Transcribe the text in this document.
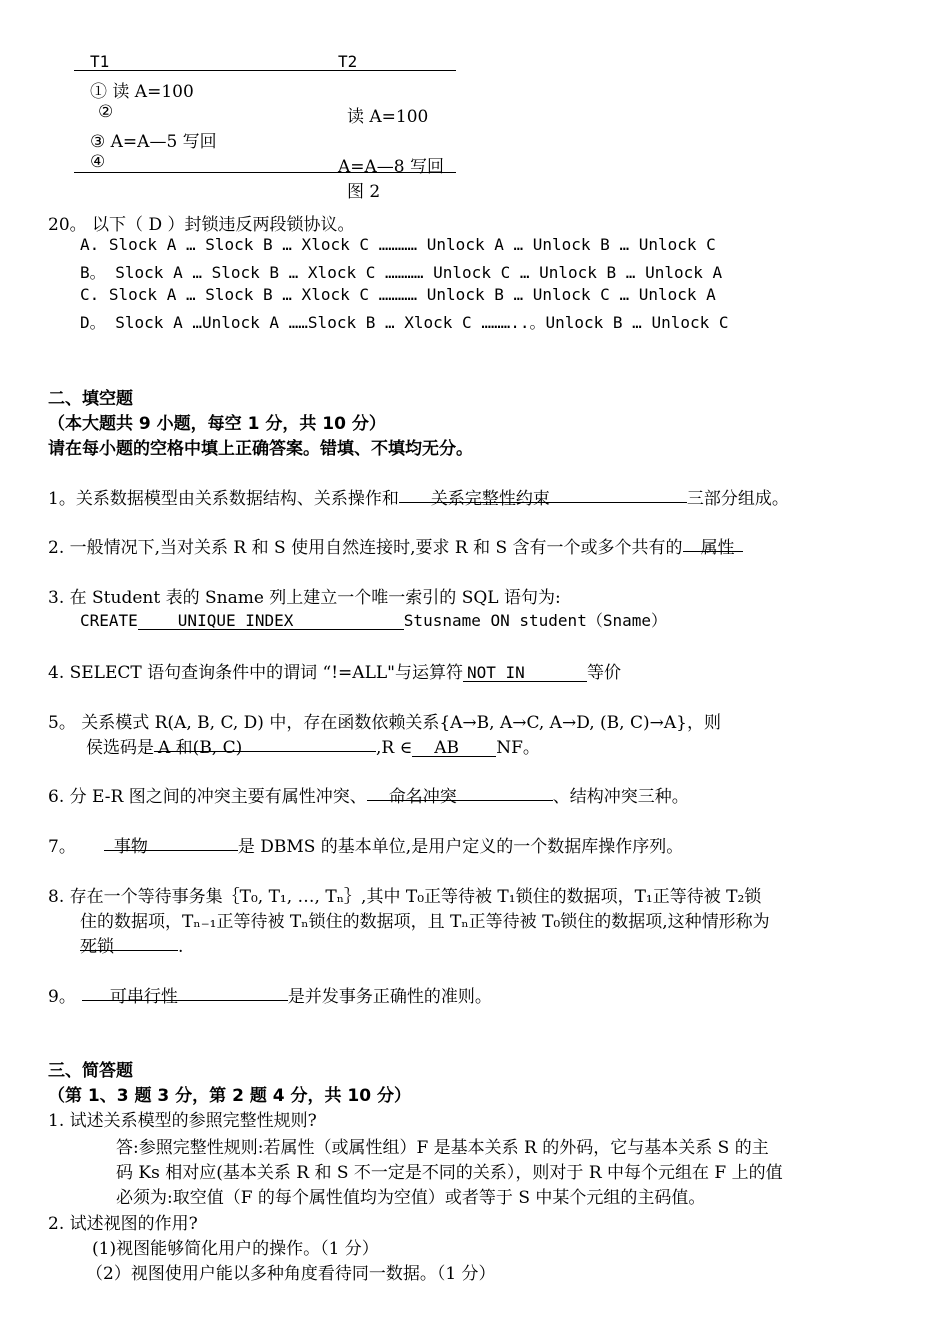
T1	T2
① 读 A=100
②	读 A=100
③ A=A—5 写回
④	A=A—8 写回
图 2
20。 以下（ D ）封锁违反两段锁协议。
A. Slock A … Slock B … Xlock C ………… Unlock A … Unlock B … Unlock C
B。 Slock A … Slock B … Xlock C ………… Unlock C … Unlock B … Unlock A
C. Slock A … Slock B … Xlock C ………… Unlock B … Unlock C … Unlock A
D。 Slock A …Unlock A ……Slock B … Xlock C ………..。Unlock B … Unlock C
二、填空题
（本大题共 9 小题，每空 1 分，共 10 分）
请在每小题的空格中填上正确答案。错填、不填均无分。
1。关系数据模型由关系数据结构、关系操作和 关系完整性约束	三部分组成。
2. 一般情况下,当对关系 R 和 S 使用自然连接时,要求 R 和 S 含有一个或多个共有的 属性
3. 在 Student 表的 Sname 列上建立一个唯一索引的 SQL 语句为:
CREATE	UNIQUE INDEX	Stusname ON student（Sname）
4. SELECT 语句查询条件中的谓词 “!=ALL"与运算符 NOT IN	等价
5。 关系模式 R(A, B, C, D) 中，存在函数依赖关系{A→B, A→C, A→D, (B, C)→A}，则
侯选码是 A 和(B, C)	,R ∈ AB NF。
6. 分 E-R 图之间的冲突主要有属性冲突、 命名冲突	、结构冲突三种。
7。 事物	是 DBMS 的基本单位,是用户定义的一个数据库操作序列。
8. 存在一个等待事务集｛T₀, T₁, …, Tₙ｝,其中 T₀正等待被 T₁锁住的数据项，T₁正等待被 T₂锁
住的数据项，Tₙ₋₁正等待被 Tₙ锁住的数据项，且 Tₙ正等待被 T₀锁住的数据项,这种情形称为
死锁	.
9。 可串行性	是并发事务正确性的准则。
三、简答题
（第 1、3 题 3 分，第 2 题 4 分，共 10 分）
1. 试述关系模型的参照完整性规则?
答:参照完整性规则:若属性（或属性组）F 是基本关系 R 的外码，它与基本关系 S 的主
码 Ks 相对应(基本关系 R 和 S 不一定是不同的关系），则对于 R 中每个元组在 F 上的值
必须为:取空值（F 的每个属性值均为空值）或者等于 S 中某个元组的主码值。
2. 试述视图的作用?
(1)视图能够简化用户的操作。（1 分）
（2）视图使用户能以多种角度看待同一数据。（1 分）
